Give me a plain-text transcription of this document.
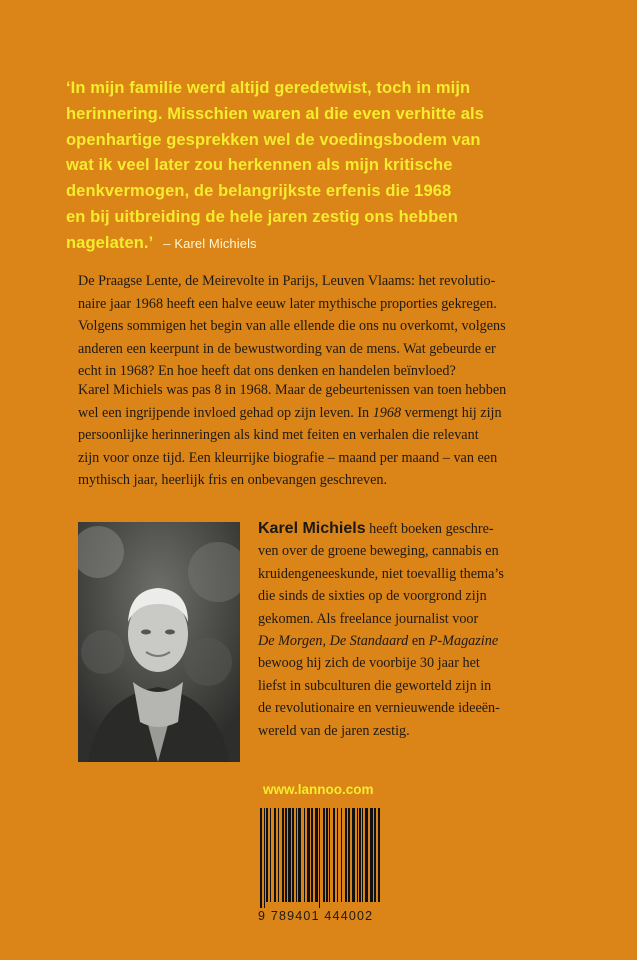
‘In mijn familie werd altijd geredetwist, toch in mijn
herinnering. Misschien waren al die even verhitte als
openhartige gesprekken wel de voedingsbodem van
wat ik veel later zou herkennen als mijn kritische
denkvermogen, de belangrijkste erfenis die 1968
en bij uitbreiding de hele jaren zestig ons hebben
nagelaten.’ – Karel Michiels
De Praagse Lente, de Meirevolte in Parijs, Leuven Vlaams: het revolutio-
naire jaar 1968 heeft een halve eeuw later mythische proporties gekregen.
Volgens sommigen het begin van alle ellende die ons nu overkomt, volgens
anderen een keerpunt in de bewustwording van de mens. Wat gebeurde er
echt in 1968? En hoe heeft dat ons denken en handelen beïnvloed?
Karel Michiels was pas 8 in 1968. Maar de gebeurtenissen van toen hebben
wel een ingrijpende invloed gehad op zijn leven. In 1968 vermengt hij zijn
persoonlijke herinneringen als kind met feiten en verhalen die relevant
zijn voor onze tijd. Een kleurrijke biografie – maand per maand – van een
mythisch jaar, heerlijk fris en onbevangen geschreven.
Karel Michiels heeft boeken geschre-
ven over de groene beweging, cannabis en
kruidengeneeskunde, niet toevallig thema’s
die sinds de sixties op de voorgrond zijn
gekomen. Als freelance journalist voor
De Morgen, De Standaard en P-Magazine
bewoog hij zich de voorbije 30 jaar het
liefst in subculturen die geworteld zijn in
de revolutionaire en vernieuwende ideeën-
wereld van de jaren zestig.
www.lannoo.com
9 789401 444002
